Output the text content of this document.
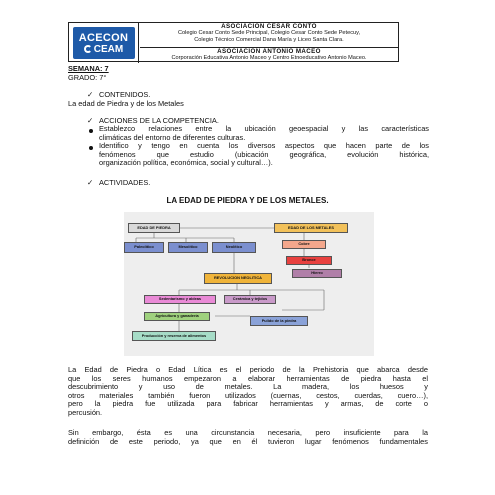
ACECON
CEAM
ASOCIACION CESAR CONTO
Colegio Cesar Conto Sede Principal, Colegio Cesar Conto Sede Petecuy,
Colegio Técnico Comercial Dana María y Liceo Santa Clara.
ASOCIACION ANTONIO MACEO
Corporación Educativa Antonio Maceo y Centro Etnoeducativo Antonio Maceo.
SEMANA: 7
GRADO: 7°
✓ CONTENIDOS.
La edad de Piedra y de los Metales
✓ ACCIONES DE LA COMPETENCIA.
Establezco relaciones entre la ubicación geoespacial y las características
climáticas del entorno de diferentes culturas.
Identifico y tengo en cuenta los diversos aspectos que hacen parte de los
fenómenos que estudio (ubicación geográfica, evolución histórica,
organización política, económica, social y cultural…).
✓ ACTIVIDADES.
LA EDAD DE PIEDRA Y DE LOS METALES.
EDAD DE PIEDRA
Paleolítico	Mesolítico	Neolítico
EDAD DE LOS METALES
Cobre
Bronce
Hierro
REVOLUCION NEOLITICA
Sedentarismo y aldeas	Cerámica y tejidos
Agricultura y ganadería
Pulido de la piedra
Producción y reserva de alimentos
La Edad de Piedra o Edad Lítica es el periodo de la Prehistoria que abarca desde
que los seres humanos empezaron a elaborar herramientas de piedra hasta el
descubrimiento y uso de metales. La madera, los huesos y
otros materiales también fueron utilizados (cuernas, cestos, cuerdas, cuero…),
pero la piedra fue utilizada para fabricar herramientas y armas, de corte o
percusión.
Sin embargo, ésta es una circunstancia necesaria, pero insuficiente para la
definición de este periodo, ya que en él tuvieron lugar fenómenos fundamentales
